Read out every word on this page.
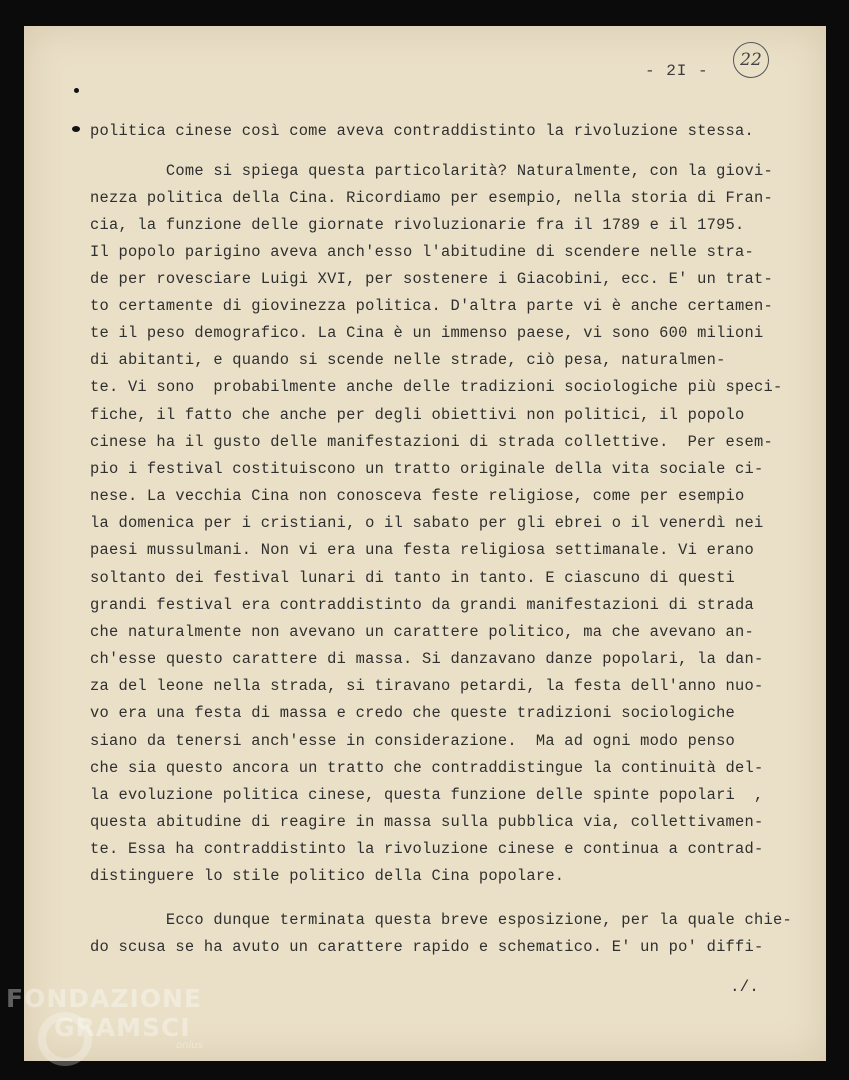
- 2I -
22
politica cinese così come aveva contraddistinto la rivoluzione stessa.
Come si spiega questa particolarità? Naturalmente, con la giovi-
nezza politica della Cina. Ricordiamo per esempio, nella storia di Fran-
cia, la funzione delle giornate rivoluzionarie fra il 1789 e il 1795.
Il popolo parigino aveva anch'esso l'abitudine di scendere nelle stra-
de per rovesciare Luigi XVI, per sostenere i Giacobini, ecc. E' un trat-
to certamente di giovinezza politica. D'altra parte vi è anche certamen-
te il peso demografico. La Cina è un immenso paese, vi sono 600 milioni
di abitanti, e quando si scende nelle strade, ciò pesa, naturalmen-
te. Vi sono  probabilmente anche delle tradizioni sociologiche più speci-
fiche, il fatto che anche per degli obiettivi non politici, il popolo
cinese ha il gusto delle manifestazioni di strada collettive.  Per esem-
pio i festival costituiscono un tratto originale della vita sociale ci-
nese. La vecchia Cina non conosceva feste religiose, come per esempio
la domenica per i cristiani, o il sabato per gli ebrei o il venerdì nei
paesi mussulmani. Non vi era una festa religiosa settimanale. Vi erano
soltanto dei festival lunari di tanto in tanto. E ciascuno di questi
grandi festival era contraddistinto da grandi manifestazioni di strada
che naturalmente non avevano un carattere politico, ma che avevano an-
ch'esse questo carattere di massa. Si danzavano danze popolari, la dan-
za del leone nella strada, si tiravano petardi, la festa dell'anno nuo-
vo era una festa di massa e credo che queste tradizioni sociologiche
siano da tenersi anch'esse in considerazione.  Ma ad ogni modo penso
che sia questo ancora un tratto che contraddistingue la continuità del-
la evoluzione politica cinese, questa funzione delle spinte popolari  ,
questa abitudine di reagire in massa sulla pubblica via, collettivamen-
te. Essa ha contraddistinto la rivoluzione cinese e continua a contrad-
distinguere lo stile politico della Cina popolare.
Ecco dunque terminata questa breve esposizione, per la quale chie-
do scusa se ha avuto un carattere rapido e schematico. E' un po' diffi-
./.
FONDAZIONE
GRAMSCI
onlus
